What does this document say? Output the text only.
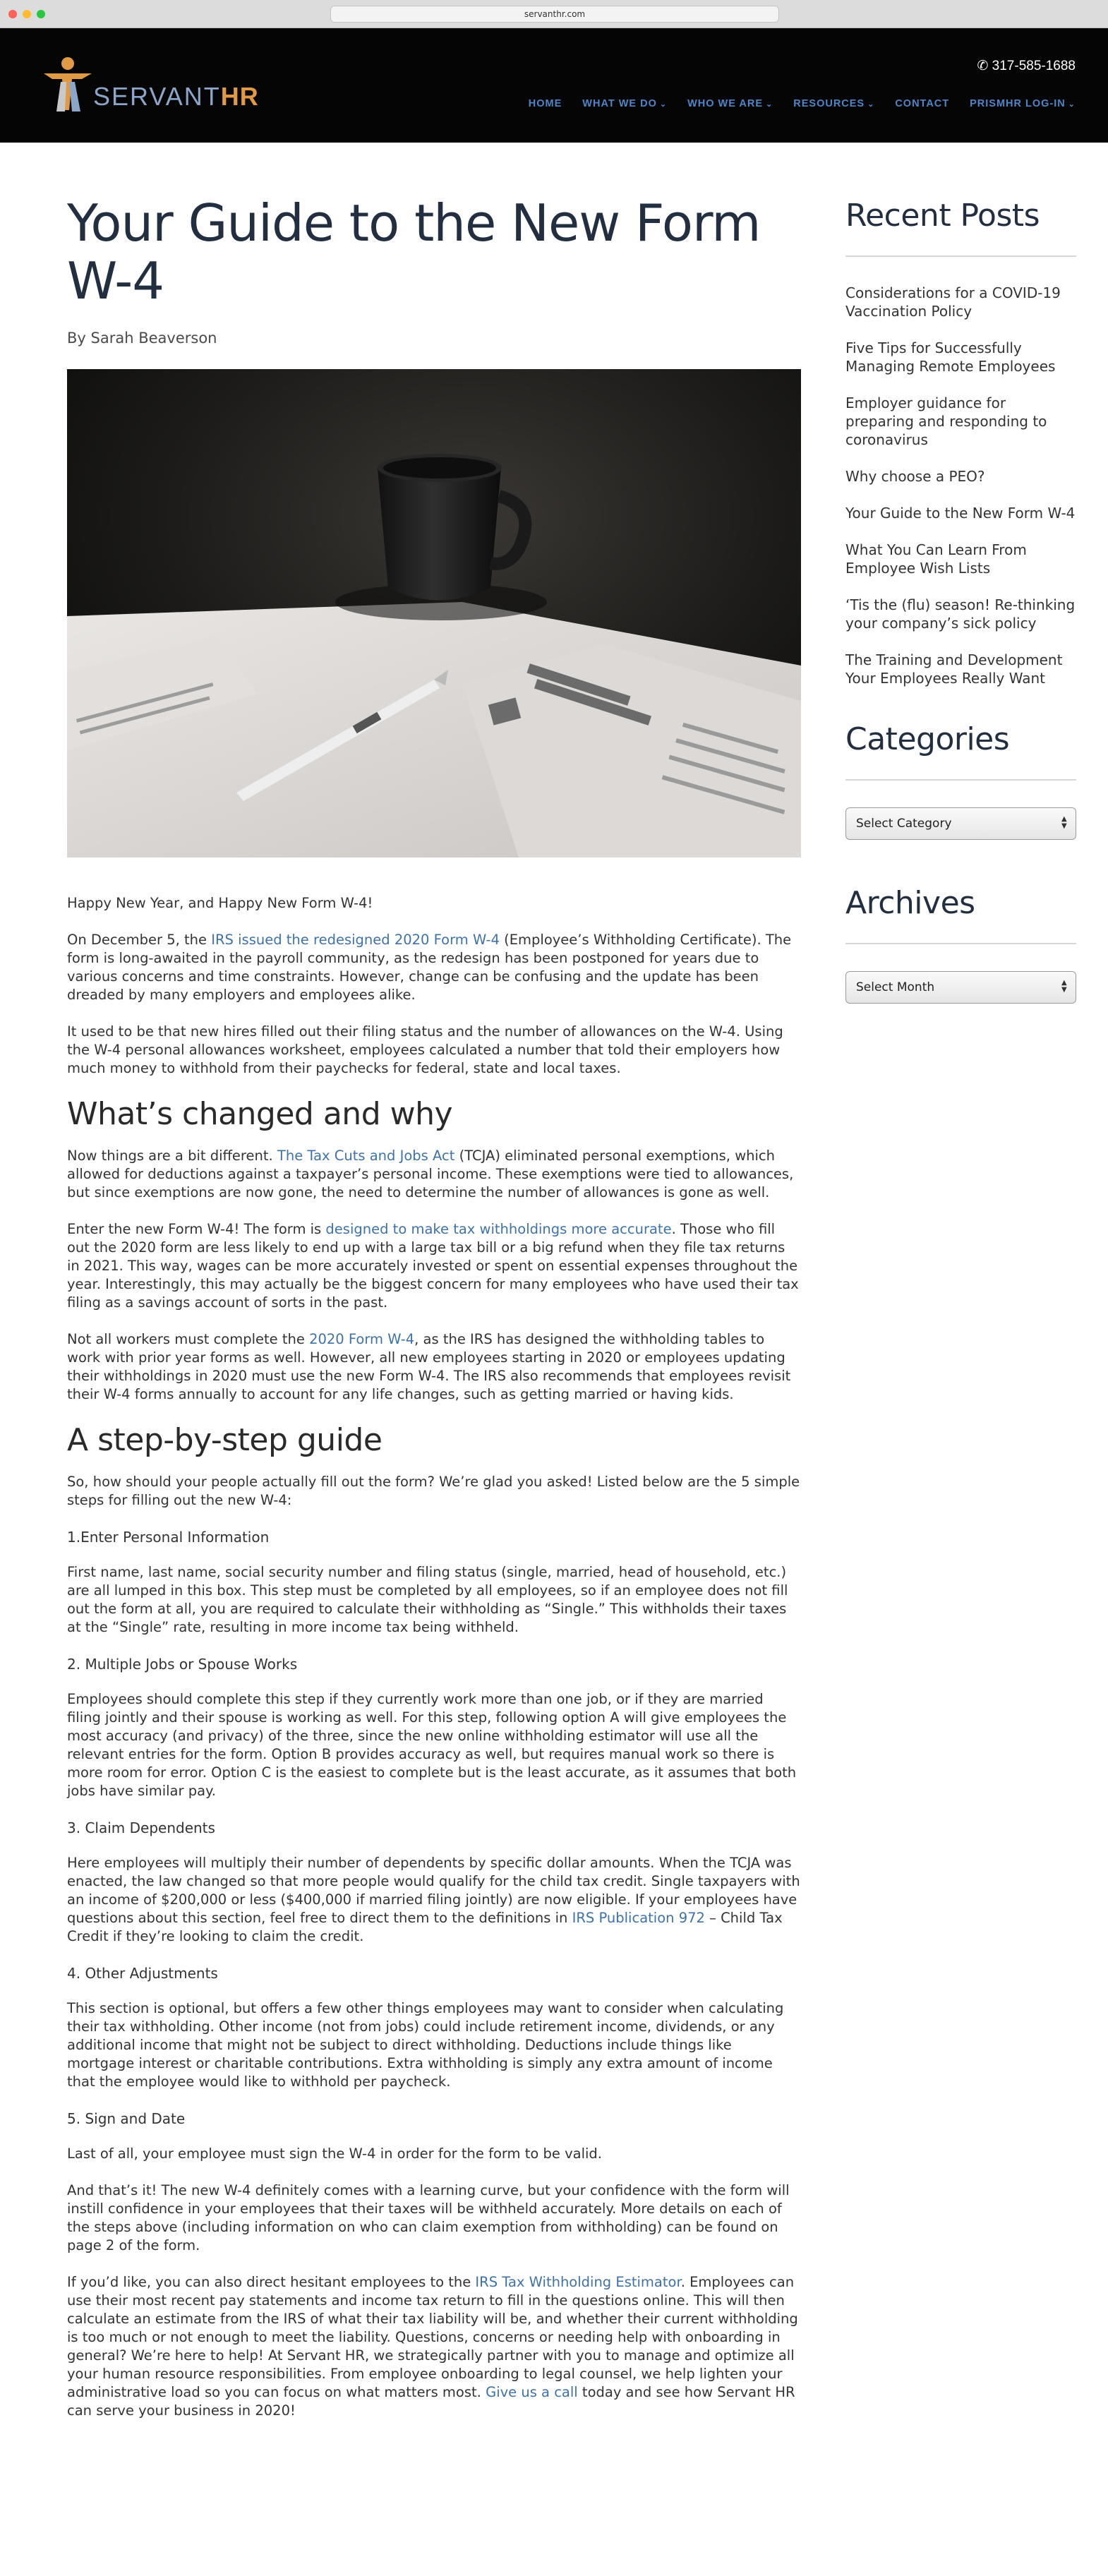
servanthr.com
SERVANTHR
✆ 317-585-1688
HOME WHAT WE DO ⌄ WHO WE ARE ⌄ RESOURCES ⌄ CONTACT PRISMHR LOG-IN ⌄
Your Guide to the New Form W-4
By Sarah Beaverson

Happy New Year, and Happy New Form W-4!

On December 5, the IRS issued the redesigned 2020 Form W-4 (Employee’s Withholding Certificate). The form is long-awaited in the payroll community, as the redesign has been postponed for years due to various concerns and time constraints. However, change can be confusing and the update has been dreaded by many employers and employees alike.

It used to be that new hires filled out their filing status and the number of allowances on the W-4. Using the W-4 personal allowances worksheet, employees calculated a number that told their employers how much money to withhold from their paychecks for federal, state and local taxes.

What’s changed and why

Now things are a bit different. The Tax Cuts and Jobs Act (TCJA) eliminated personal exemptions, which allowed for deductions against a taxpayer’s personal income. These exemptions were tied to allowances, but since exemptions are now gone, the need to determine the number of allowances is gone as well.

Enter the new Form W-4! The form is designed to make tax withholdings more accurate. Those who fill out the 2020 form are less likely to end up with a large tax bill or a big refund when they file tax returns in 2021. This way, wages can be more accurately invested or spent on essential expenses throughout the year. Interestingly, this may actually be the biggest concern for many employees who have used their tax filing as a savings account of sorts in the past.

Not all workers must complete the 2020 Form W-4, as the IRS has designed the withholding tables to work with prior year forms as well. However, all new employees starting in 2020 or employees updating their withholdings in 2020 must use the new Form W-4. The IRS also recommends that employees revisit their W-4 forms annually to account for any life changes, such as getting married or having kids.

A step-by-step guide

So, how should your people actually fill out the form? We’re glad you asked! Listed below are the 5 simple steps for filling out the new W-4:

1.Enter Personal Information

First name, last name, social security number and filing status (single, married, head of household, etc.) are all lumped in this box. This step must be completed by all employees, so if an employee does not fill out the form at all, you are required to calculate their withholding as “Single.” This withholds their taxes at the “Single” rate, resulting in more income tax being withheld.

2. Multiple Jobs or Spouse Works

Employees should complete this step if they currently work more than one job, or if they are married filing jointly and their spouse is working as well. For this step, following option A will give employees the most accuracy (and privacy) of the three, since the new online withholding estimator will use all the relevant entries for the form. Option B provides accuracy as well, but requires manual work so there is more room for error. Option C is the easiest to complete but is the least accurate, as it assumes that both jobs have similar pay.

3. Claim Dependents

Here employees will multiply their number of dependents by specific dollar amounts. When the TCJA was enacted, the law changed so that more people would qualify for the child tax credit. Single taxpayers with an income of $200,000 or less ($400,000 if married filing jointly) are now eligible. If your employees have questions about this section, feel free to direct them to the definitions in IRS Publication 972 – Child Tax Credit if they’re looking to claim the credit.

4. Other Adjustments

This section is optional, but offers a few other things employees may want to consider when calculating their tax withholding. Other income (not from jobs) could include retirement income, dividends, or any additional income that might not be subject to direct withholding. Deductions include things like mortgage interest or charitable contributions. Extra withholding is simply any extra amount of income that the employee would like to withhold per paycheck.

5. Sign and Date

Last of all, your employee must sign the W-4 in order for the form to be valid.

And that’s it! The new W-4 definitely comes with a learning curve, but your confidence with the form will instill confidence in your employees that their taxes will be withheld accurately. More details on each of the steps above (including information on who can claim exemption from withholding) can be found on page 2 of the form.

If you’d like, you can also direct hesitant employees to the IRS Tax Withholding Estimator. Employees can use their most recent pay statements and income tax return to fill in the questions online. This will then calculate an estimate from the IRS of what their tax liability will be, and whether their current withholding is too much or not enough to meet the liability. Questions, concerns or needing help with onboarding in general? We’re here to help! At Servant HR, we strategically partner with you to manage and optimize all your human resource responsibilities. From employee onboarding to legal counsel, we help lighten your administrative load so you can focus on what matters most. Give us a call today and see how Servant HR can serve your business in 2020!

Recent Posts
Considerations for a COVID-19 Vaccination Policy
Five Tips for Successfully Managing Remote Employees
Employer guidance for preparing and responding to coronavirus
Why choose a PEO?
Your Guide to the New Form W-4
What You Can Learn From Employee Wish Lists
‘Tis the (flu) season! Re-thinking your company’s sick policy
The Training and Development Your Employees Really Want
Categories
Select Category	▲
▼
Archives
Select Month	▲
▼
